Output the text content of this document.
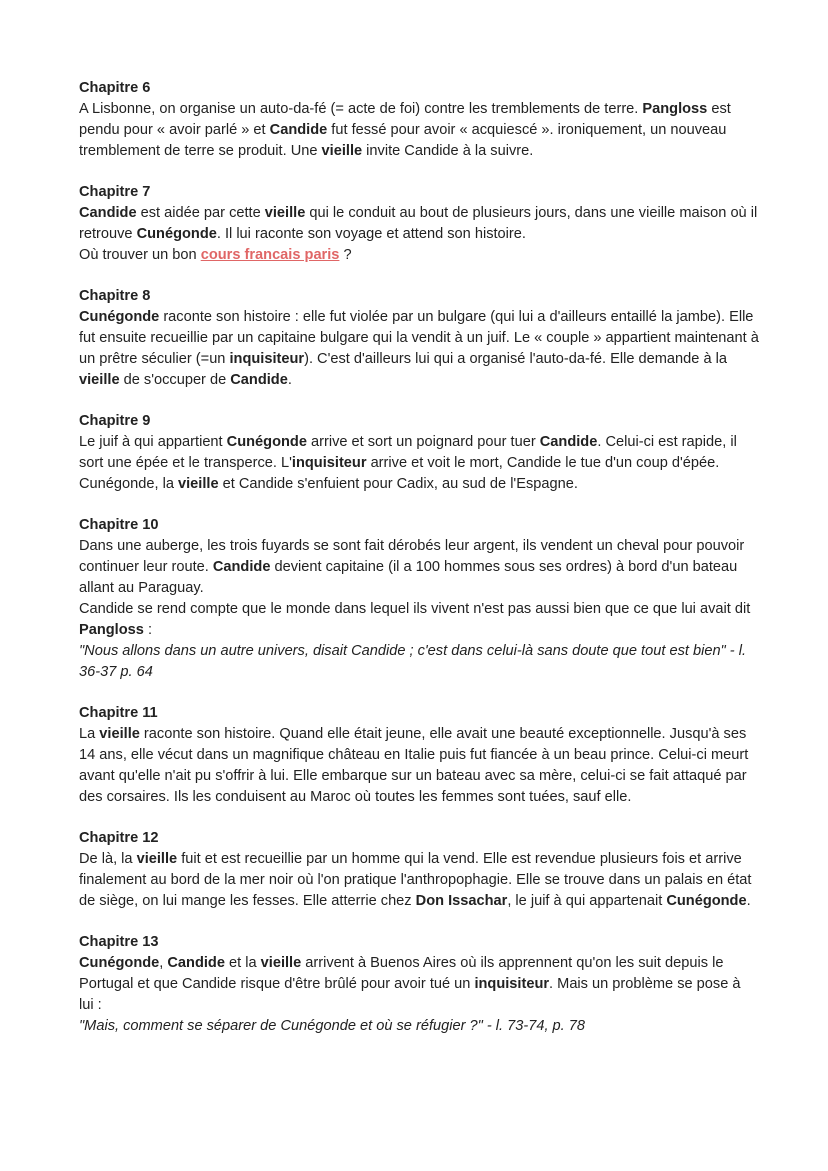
Chapitre 6
A Lisbonne, on organise un auto-da-fé (= acte de foi) contre les tremblements de terre. Pangloss est pendu pour « avoir parlé » et Candide fut fessé pour avoir « acquiescé ». ironiquement, un nouveau tremblement de terre se produit. Une vieille invite Candide à la suivre.
Chapitre 7
Candide est aidée par cette vieille qui le conduit au bout de plusieurs jours, dans une vieille maison où il retrouve Cunégonde. Il lui raconte son voyage et attend son histoire.
Où trouver un bon cours francais paris ?
Chapitre 8
Cunégonde raconte son histoire : elle fut violée par un bulgare (qui lui a d'ailleurs entaillé la jambe). Elle fut ensuite recueillie par un capitaine bulgare qui la vendit à un juif. Le « couple » appartient maintenant à un prêtre séculier (=un inquisiteur). C'est d'ailleurs lui qui a organisé l'auto-da-fé. Elle demande à la vieille de s'occuper de Candide.
Chapitre 9
Le juif à qui appartient Cunégonde arrive et sort un poignard pour tuer Candide. Celui-ci est rapide, il sort une épée et le transperce. L'inquisiteur arrive et voit le mort, Candide le tue d'un coup d'épée. Cunégonde, la vieille et Candide s'enfuient pour Cadix, au sud de l'Espagne.
Chapitre 10
Dans une auberge, les trois fuyards se sont fait dérobés leur argent, ils vendent un cheval pour pouvoir continuer leur route. Candide devient capitaine (il a 100 hommes sous ses ordres) à bord d'un bateau allant au Paraguay.
Candide se rend compte que le monde dans lequel ils vivent n'est pas aussi bien que ce que lui avait dit Pangloss :
"Nous allons dans un autre univers, disait Candide ; c'est dans celui-là sans doute que tout est bien" - l. 36-37 p. 64
Chapitre 11
La vieille raconte son histoire. Quand elle était jeune, elle avait une beauté exceptionnelle. Jusqu'à ses 14 ans, elle vécut dans un magnifique château en Italie puis fut fiancée à un beau prince. Celui-ci meurt avant qu'elle n'ait pu s'offrir à lui. Elle embarque sur un bateau avec sa mère, celui-ci se fait attaqué par des corsaires. Ils les conduisent au Maroc où toutes les femmes sont tuées, sauf elle.
Chapitre 12
De là, la vieille fuit et est recueillie par un homme qui la vend. Elle est revendue plusieurs fois et arrive finalement au bord de la mer noir où l'on pratique l'anthropophagie. Elle se trouve dans un palais en état de siège, on lui mange les fesses. Elle atterrie chez Don Issachar, le juif à qui appartenait Cunégonde.
Chapitre 13
Cunégonde, Candide et la vieille arrivent à Buenos Aires où ils apprennent qu'on les suit depuis le Portugal et que Candide risque d'être brûlé pour avoir tué un inquisiteur. Mais un problème se pose à lui :
"Mais, comment se séparer de Cunégonde et où se réfugier ?" - l. 73-74, p. 78
